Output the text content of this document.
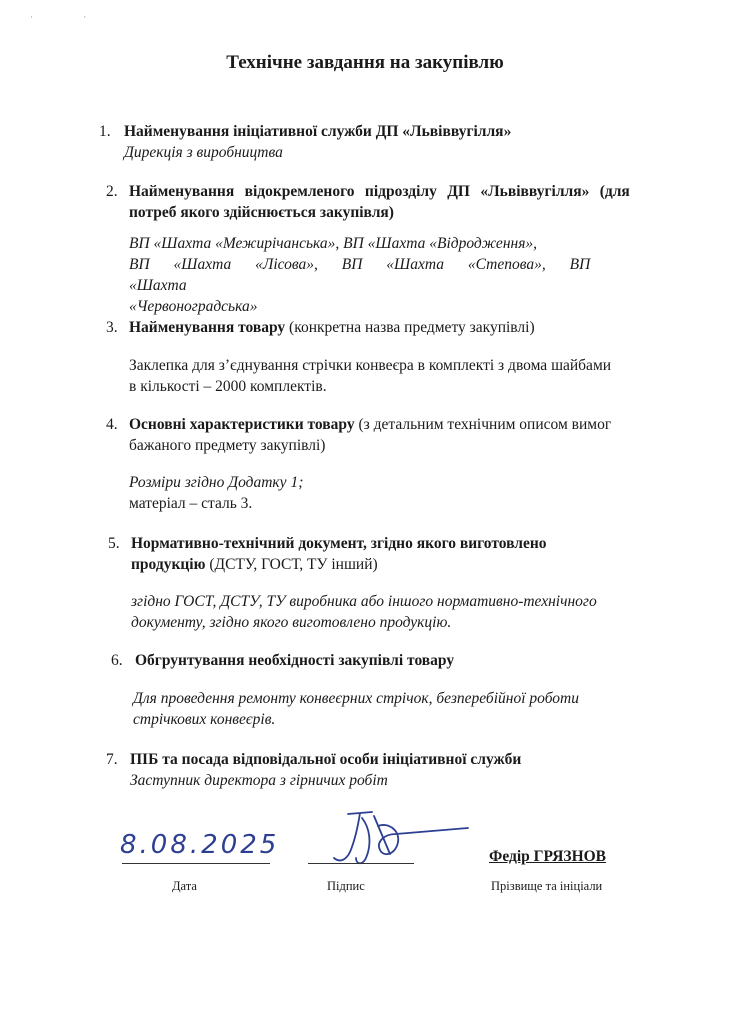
· ·
Технічне завдання на закупівлю
1. Найменування ініціативної служби ДП «Львіввугілля»
Дирекція з виробництва
2. Найменування відокремленого підрозділу ДП «Львіввугілля» (для
потреб якого здійснюється закупівля)
ВП «Шахта «Межирічанська», ВП «Шахта «Відродження»,
ВП «Шахта «Лісова», ВП «Шахта «Степова», ВП «Шахта
«Червоноградська»
3. Найменування товару (конкретна назва предмету закупівлі)
Заклепка для з’єднування стрічки конвеєра в комплекті з двома шайбами
в кількості – 2000 комплектів.
4. Основні характеристики товару (з детальним технічним описом вимог
бажаного предмету закупівлі)
Розміри згідно Додатку 1;
матеріал – сталь 3.
5. Нормативно-технічний документ, згідно якого виготовлено
продукцію (ДСТУ, ГОСТ, ТУ інший)
згідно ГОСТ, ДСТУ, ТУ виробника або іншого нормативно-технічного
документу, згідно якого виготовлено продукцію.
6. Обгрунтування необхідності закупівлі товару
Для проведення ремонту конвеєрних стрічок, безперебійної роботи
стрічкових конвеєрів.
7. ПІБ та посада відповідальної особи ініціативної служби
Заступник директора з гірничих робіт
8.08.2025
Дата	Підпис
Федір ГРЯЗНОВ
Прізвище та ініціали
